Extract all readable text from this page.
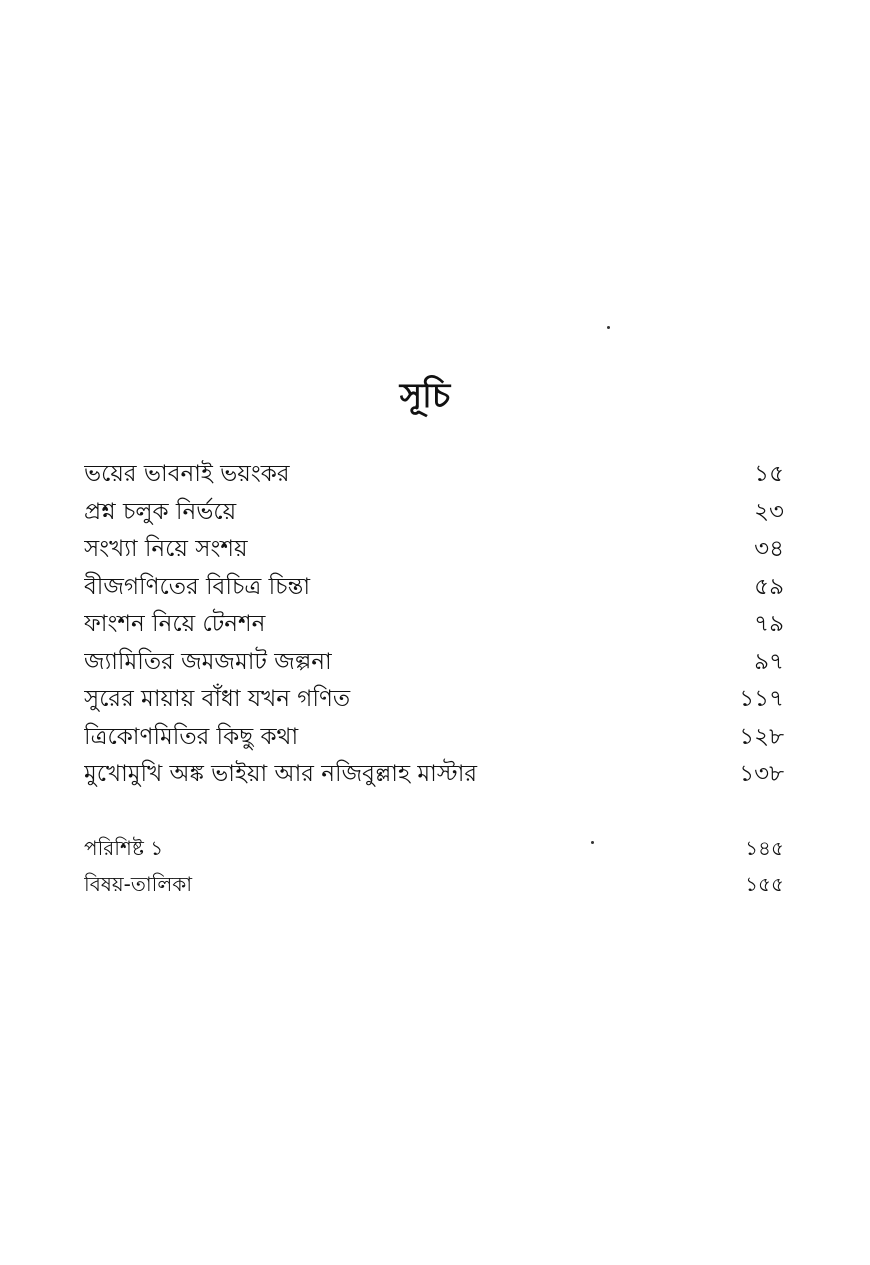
সূচি
ভয়ের ভাবনাই ভয়ংকর	১৫
প্রশ্ন চলুক নির্ভয়ে	২৩
সংখ্যা নিয়ে সংশয়	৩৪
বীজগণিতের বিচিত্র চিন্তা	৫৯
ফাংশন নিয়ে টেনশন	৭৯
জ্যামিতির জমজমাট জল্পনা	৯৭
সুরের মায়ায় বাঁধা যখন গণিত	১১৭
ত্রিকোণমিতির কিছু কথা	১২৮
মুখোমুখি অঙ্ক ভাইয়া আর নজিবুল্লাহ মাস্টার	১৩৮
পরিশিষ্ট ১	১৪৫
বিষয়-তালিকা	১৫৫
